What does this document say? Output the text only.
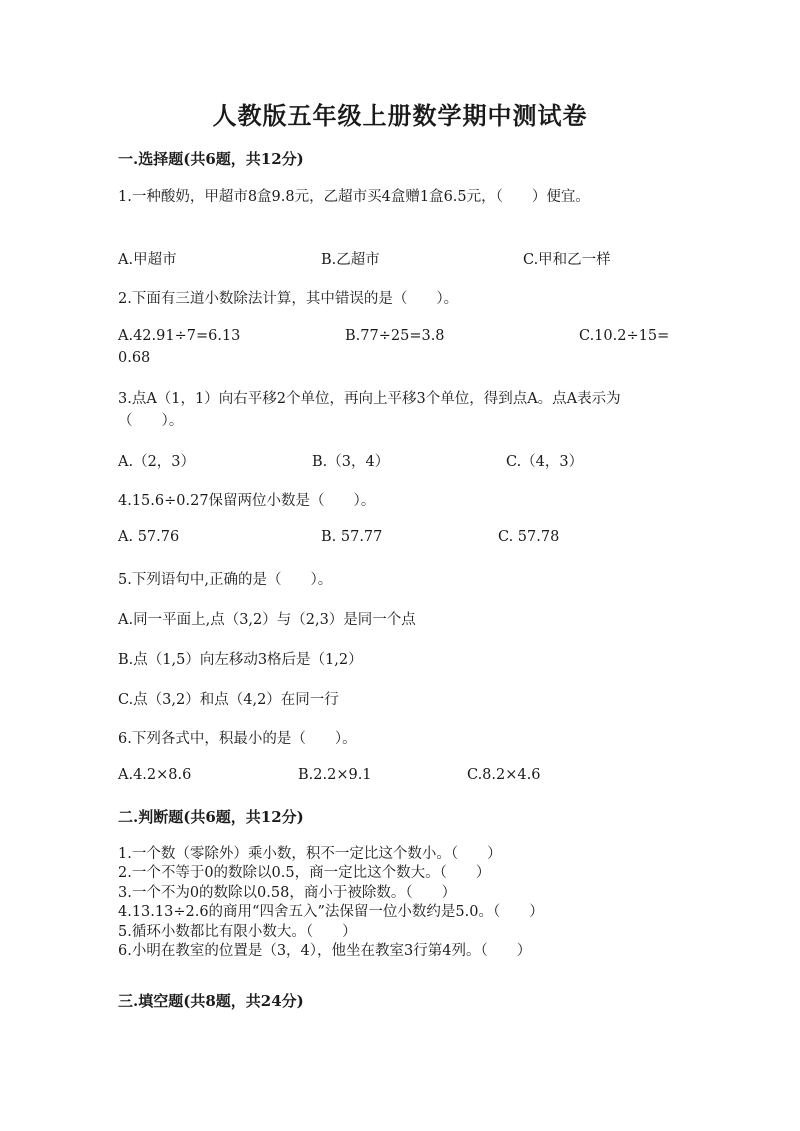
人教版五年级上册数学期中测试卷
一.选择题(共6题，共12分)
1.一种酸奶，甲超市8盒9.8元，乙超市买4盒赠1盒6.5元，（　　）便宜。
A.甲超市	B.乙超市	C.甲和乙一样
2.下面有三道小数除法计算，其中错误的是（　　）。
A.42.91÷7=6.13	B.77÷25=3.8	C.10.2÷15=
0.68
3.点A（1，1）向右平移2个单位，再向上平移3个单位，得到点A。点A表示为（　　）。
A.（2，3）	B.（3，4）	C.（4，3）
4.15.6÷0.27保留两位小数是（　　）。
A. 57.76	B. 57.77	C. 57.78
5.下列语句中,正确的是（　　）。
A.同一平面上,点（3,2）与（2,3）是同一个点
B.点（1,5）向左移动3格后是（1,2）
C.点（3,2）和点（4,2）在同一行
6.下列各式中，积最小的是（　　）。
A.4.2×8.6	B.2.2×9.1	C.8.2×4.6
二.判断题(共6题，共12分)
1.一个数（零除外）乘小数，积不一定比这个数小。（　　）
2.一个不等于0的数除以0.5，商一定比这个数大。（　　）
3.一个不为0的数除以0.58，商小于被除数。（　　）
4.13.13÷2.6的商用“四舍五入”法保留一位小数约是5.0。（　　）
5.循环小数都比有限小数大。（　　）
6.小明在教室的位置是（3，4），他坐在教室3行第4列。（　　）
三.填空题(共8题，共24分)
